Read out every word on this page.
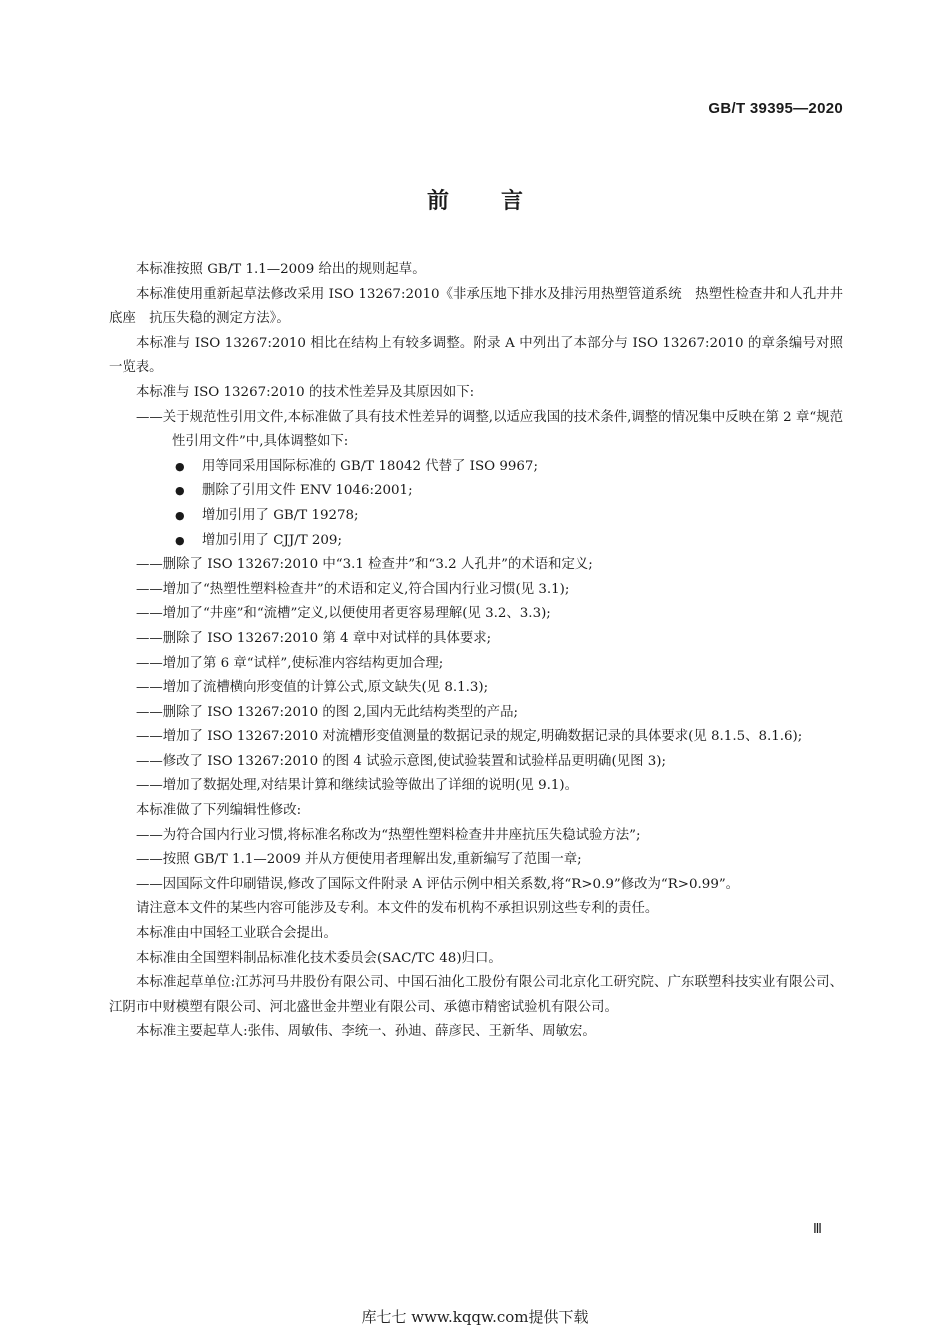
GB/T 39395—2020
前言

本标准按照 GB/T 1.1—2009 给出的规则起草。

本标准使用重新起草法修改采用 ISO 13267:2010《非承压地下排水及排污用热塑管道系统　热塑性检查井和人孔井井底座　抗压失稳的测定方法》。

本标准与 ISO 13267:2010 相比在结构上有较多调整。附录 A 中列出了本部分与 ISO 13267:2010 的章条编号对照一览表。

本标准与 ISO 13267:2010 的技术性差异及其原因如下:

——关于规范性引用文件,本标准做了具有技术性差异的调整,以适应我国的技术条件,调整的情况集中反映在第 2 章“规范性引用文件”中,具体调整如下:

● 用等同采用国际标准的 GB/T 18042 代替了 ISO 9967;

● 删除了引用文件 ENV 1046:2001;

● 增加引用了 GB/T 19278;

● 增加引用了 CJJ/T 209;

——删除了 ISO 13267:2010 中“3.1 检查井”和“3.2 人孔井”的术语和定义;

——增加了“热塑性塑料检查井”的术语和定义,符合国内行业习惯(见 3.1);

——增加了“井座”和“流槽”定义,以便使用者更容易理解(见 3.2、3.3);

——删除了 ISO 13267:2010 第 4 章中对试样的具体要求;

——增加了第 6 章“试样”,使标准内容结构更加合理;

——增加了流槽横向形变值的计算公式,原文缺失(见 8.1.3);

——删除了 ISO 13267:2010 的图 2,国内无此结构类型的产品;

——增加了 ISO 13267:2010 对流槽形变值测量的数据记录的规定,明确数据记录的具体要求(见 8.1.5、8.1.6);

——修改了 ISO 13267:2010 的图 4 试验示意图,使试验装置和试验样品更明确(见图 3);

——增加了数据处理,对结果计算和继续试验等做出了详细的说明(见 9.1)。

本标准做了下列编辑性修改:

——为符合国内行业习惯,将标准名称改为“热塑性塑料检查井井座抗压失稳试验方法”;

——按照 GB/T 1.1—2009 并从方便使用者理解出发,重新编写了范围一章;

——因国际文件印刷错误,修改了国际文件附录 A 评估示例中相关系数,将“R>0.9”修改为“R>0.99”。

请注意本文件的某些内容可能涉及专利。本文件的发布机构不承担识别这些专利的责任。

本标准由中国轻工业联合会提出。

本标准由全国塑料制品标准化技术委员会(SAC/TC 48)归口。

本标准起草单位:江苏河马井股份有限公司、中国石油化工股份有限公司北京化工研究院、广东联塑科技实业有限公司、江阴市中财模塑有限公司、河北盛世金井塑业有限公司、承德市精密试验机有限公司。

本标准主要起草人:张伟、周敏伟、李统一、孙迪、薛彦民、王新华、周敏宏。

Ⅲ
库七七 www.kqqw.com提供下载
